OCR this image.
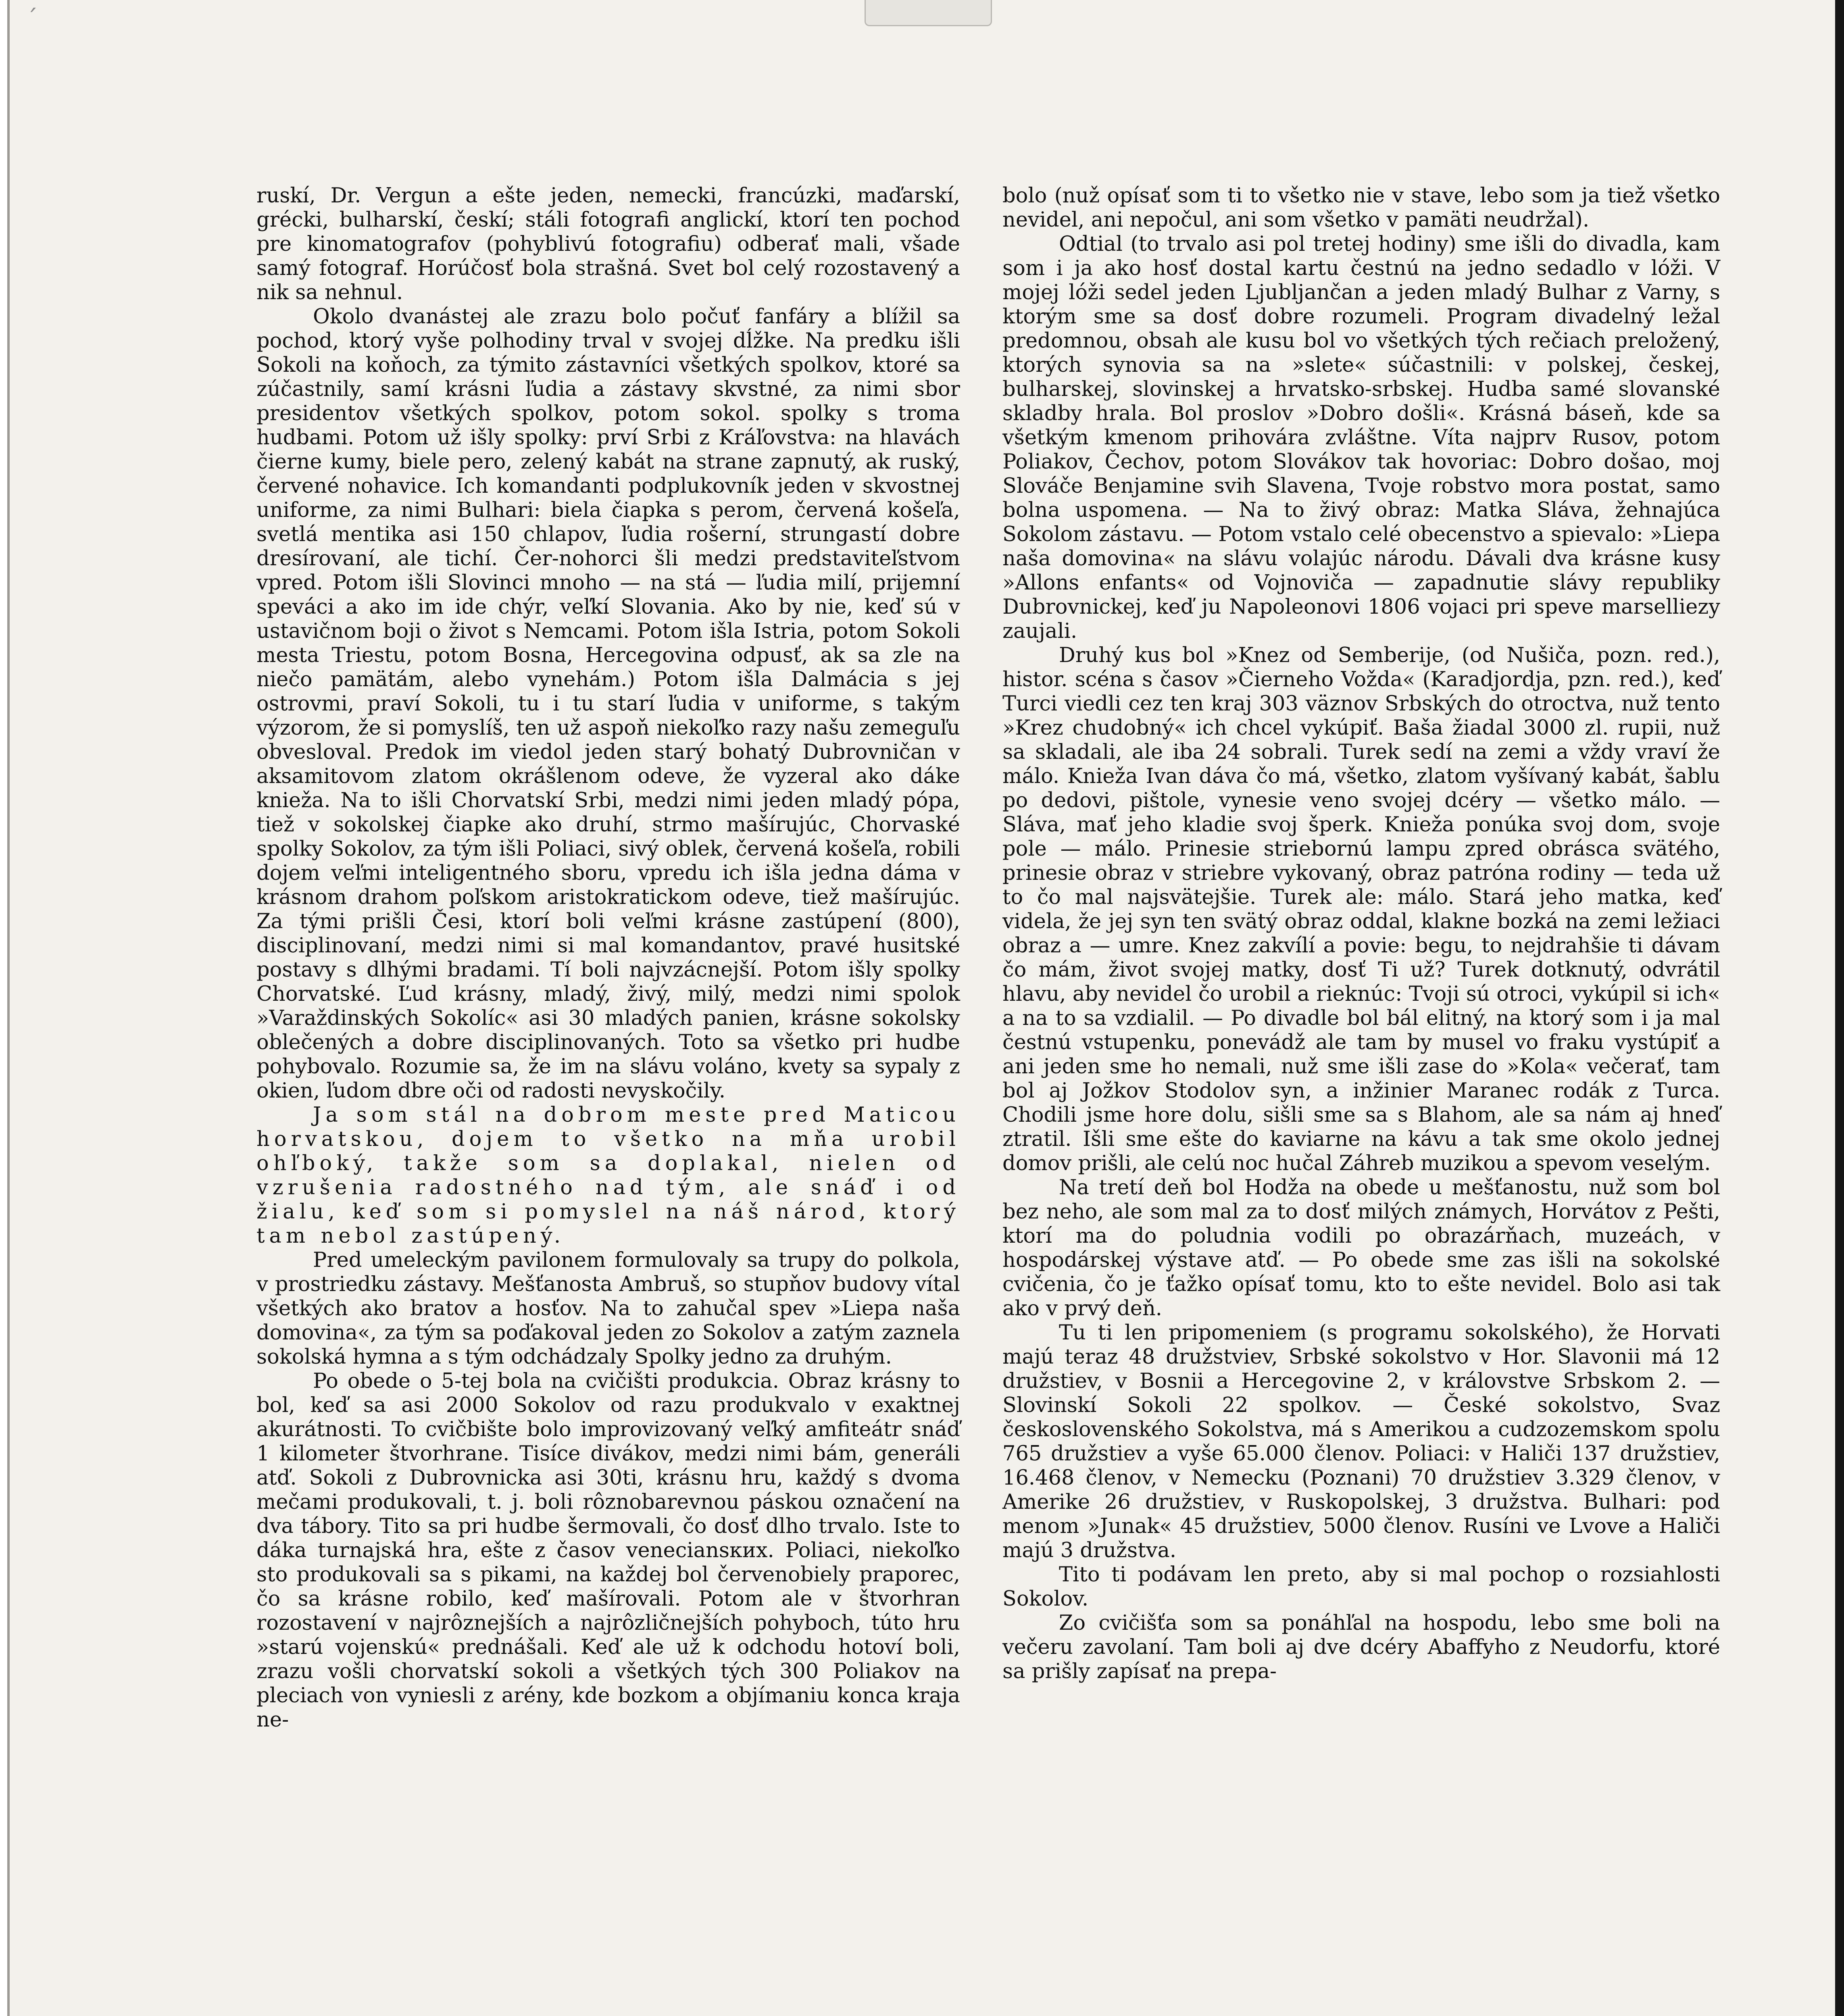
´

ruskí, Dr. Vergun a ešte jeden, nemecki, francúzki, maďarskí, grécki, bulharskí, českí; stáli fotografi anglickí, ktorí ten pochod pre kinomatografov (pohyblivú fotografiu) odberať mali, všade samý fotograf. Horúčosť bola strašná. Svet bol celý rozostavený a nik sa nehnul.

Okolo dvanástej ale zrazu bolo počuť fanfáry a blížil sa pochod, ktorý vyše polhodiny trval v svojej dĺžke. Na predku išli Sokoli na koňoch, za týmito zástavníci všetkých spolkov, ktoré sa zúčastnily, samí krásni ľudia a zástavy skvstné, za nimi sbor presidentov všetkých spolkov, potom sokol. spolky s troma hudbami. Potom už išly spolky: prví Srbi z Kráľovstva: na hlavách čierne kumy, biele pero, zelený kabát na strane zapnutý, ak ruský, červené nohavice. Ich komandanti podplukovník jeden v skvostnej uniforme, za nimi Bulhari: biela čiapka s perom, červená košeľa, svetlá mentika asi 150 chlapov, ľudia rošerní, strungastí dobre dresírovaní, ale tichí. Čer-nohorci šli medzi predstaviteľstvom vpred. Potom išli Slovinci mnoho — na stá — ľudia milí, prijemní speváci a ako im ide chýr, veľkí Slovania. Ako by nie, keď sú v ustavičnom boji o život s Nemcami. Potom išla Istria, potom Sokoli mesta Triestu, potom Bosna, Hercegovina odpusť, ak sa zle na niečo pamätám, alebo vynehám.) Potom išla Dalmácia s jej ostrovmi, praví Sokoli, tu i tu starí ľudia v uniforme, s takým výzorom, že si pomyslíš, ten už aspoň niekoľko razy našu zemeguľu obvesloval. Predok im viedol jeden starý bohatý Dubrovničan v aksamitovom zlatom okrášlenom odeve, že vyzeral ako dáke knieža. Na to išli Chorvatskí Srbi, medzi nimi jeden mladý pópa, tiež v sokolskej čiapke ako druhí, strmo mašírujúc, Chorvaské spolky Sokolov, za tým išli Poliaci, sivý oblek, červená košeľa, robili dojem veľmi inteligentného sboru, vpredu ich išla jedna dáma v krásnom drahom poľskom aristokratickom odeve, tiež mašírujúc. Za tými prišli Česi, ktorí boli veľmi krásne zastúpení (800), disciplinovaní, medzi nimi si mal komandantov, pravé husitské postavy s dlhými bradami. Tí boli najvzácnejší. Potom išly spolky Chorvatské. Ľud krásny, mladý, živý, milý, medzi nimi spolok »Varaždinských Sokolíc« asi 30 mladých panien, krásne sokolsky oblečených a dobre disciplinovaných. Toto sa všetko pri hudbe pohybovalo. Rozumie sa, že im na slávu voláno, kvety sa sypaly z okien, ľudom dbre oči od radosti nevyskočily.

Ja som stál na dobrom meste pred Maticou horvatskou, dojem to všetko na mňa urobil ohľboký, takže som sa doplakal, nielen od vzrušenia radostného nad tým, ale snáď i od žialu, keď som si pomyslel na náš národ, ktorý tam nebol zastúpený.

Pred umeleckým pavilonem formulovaly sa trupy do polkola, v prostriedku zástavy. Mešťanosta Ambruš, so stupňov budovy vítal všetkých ako bratov a hosťov. Na to zahučal spev »Liepa naša domovina«, za tým sa poďakoval jeden zo Sokolov a zatým zaznela sokolská hymna a s tým odchádzaly Spolky jedno za druhým.

Po obede o 5-tej bola na cvičišti produkcia. Obraz krásny to bol, keď sa asi 2000 Sokolov od razu produkvalo v exaktnej akurátnosti. To cvičbište bolo improvizovaný veľký amfiteátr snáď 1 kilometer štvorhrane. Tisíce divákov, medzi nimi bám, generáli atď. Sokoli z Dubrovnicka asi 30ti, krásnu hru, každý s dvoma mečami produkovali, t. j. boli rôznobarevnou páskou označení na dva tábory. Tito sa pri hudbe šermovali, čo dosť dlho trvalo. Iste to dáka turnajská hra, ešte z časov veneciansких. Poliaci, niekoľko sto produkovali sa s pikami, na každej bol červenobiely praporec, čo sa krásne robilo, keď mašírovali. Potom ale v štvorhran rozostavení v najrôznejších a najrôzličnejších pohyboch, túto hru »starú vojenskú« prednášali. Keď ale už k odchodu hotoví boli, zrazu vošli chorvatskí sokoli a všetkých tých 300 Poliakov na pleciach von vyniesli z arény, kde bozkom a objímaniu konca kraja ne-

bolo (nuž opísať som ti to všetko nie v stave, lebo som ja tiež všetko nevidel, ani nepočul, ani som všetko v pamäti neudržal).

Odtial (to trvalo asi pol tretej hodiny) sme išli do divadla, kam som i ja ako hosť dostal kartu čestnú na jedno sedadlo v lóži. V mojej lóži sedel jeden Ljubljančan a jeden mladý Bulhar z Varny, s ktorým sme sa dosť dobre rozumeli. Program divadelný ležal predomnou, obsah ale kusu bol vo všetkých tých rečiach preložený, ktorých synovia sa na »slete« súčastnili: v polskej, českej, bulharskej, slovinskej a hrvatsko-srbskej. Hudba samé slovanské skladby hrala. Bol proslov »Dobro došli«. Krásná báseň, kde sa všetkým kmenom prihovára zvláštne. Víta najprv Rusov, potom Poliakov, Čechov, potom Slovákov tak hovoriac: Dobro došao, moj Slováče Benjamine svih Slavena, Tvoje robstvo mora postat, samo bolna uspomena. — Na to živý obraz: Matka Sláva, žehnajúca Sokolom zástavu. — Potom vstalo celé obecenstvo a spievalo: »Liepa naša domovina« na slávu volajúc národu. Dávali dva krásne kusy »Allons enfants« od Vojnoviča — zapadnutie slávy republiky Dubrovnickej, keď ju Napoleonovi 1806 vojaci pri speve marselliezy zaujali.

Druhý kus bol »Knez od Semberije, (od Nušiča, pozn. red.), histor. scéna s časov »Čierneho Vožda« (Karadjordja, pzn. red.), keď Turci viedli cez ten kraj 303 väznov Srbských do otroctva, nuž tento »Krez chudobný« ich chcel vykúpiť. Baša žiadal 3000 zl. rupii, nuž sa skladali, ale iba 24 sobrali. Turek sedí na zemi a vždy vraví že málo. Knieža Ivan dáva čo má, všetko, zlatom vyšívaný kabát, šablu po dedovi, pištole, vynesie veno svojej dcéry — všetko málo. — Sláva, mať jeho kladie svoj šperk. Knieža ponúka svoj dom, svoje pole — málo. Prinesie striebornú lampu zpred obrásca svätého, prinesie obraz v striebre vykovaný, obraz patróna rodiny — teda už to čo mal najsvätejšie. Turek ale: málo. Stará jeho matka, keď videla, že jej syn ten svätý obraz oddal, klakne bozká na zemi ležiaci obraz a — umre. Knez zakvílí a povie: begu, to nejdrahšie ti dávam čo mám, život svojej matky, dosť Ti už? Turek dotknutý, odvrátil hlavu, aby nevidel čo urobil a rieknúc: Tvoji sú otroci, vykúpil si ich« a na to sa vzdialil. — Po divadle bol bál elitný, na ktorý som i ja mal čestnú vstupenku, ponevádž ale tam by musel vo fraku vystúpiť a ani jeden sme ho nemali, nuž sme išli zase do »Kola« večerať, tam bol aj Jožkov Stodolov syn, a inžinier Maranec rodák z Turca. Chodili jsme hore dolu, sišli sme sa s Blahom, ale sa nám aj hneď ztratil. Išli sme ešte do kaviarne na kávu a tak sme okolo jednej domov prišli, ale celú noc hučal Záhreb muzikou a spevom veselým.

Na tretí deň bol Hodža na obede u mešťanostu, nuž som bol bez neho, ale som mal za to dosť milých známych, Horvátov z Pešti, ktorí ma do poludnia vodili po obrazárňach, muzeách, v hospodárskej výstave atď. — Po obede sme zas išli na sokolské cvičenia, čo je ťažko opísať tomu, kto to ešte nevidel. Bolo asi tak ako v prvý deň.

Tu ti len pripomeniem (s programu sokolského), že Horvati majú teraz 48 družstviev, Srbské sokolstvo v Hor. Slavonii má 12 družstiev, v Bosnii a Hercegovine 2, v královstve Srbskom 2. — Slovinskí Sokoli 22 spolkov. — České sokolstvo, Svaz československého Sokolstva, má s Amerikou a cudzozemskom spolu 765 družstiev a vyše 65.000 členov. Poliaci: v Haliči 137 družstiev, 16.468 členov, v Nemecku (Poznani) 70 družstiev 3.329 členov, v Amerike 26 družstiev, v Ruskopolskej, 3 družstva. Bulhari: pod menom »Junak« 45 družstiev, 5000 členov. Rusíni ve Lvove a Haliči majú 3 družstva.

Tito ti podávam len preto, aby si mal pochop o rozsiahlosti Sokolov.

Zo cvičišťa som sa ponáhľal na hospodu, lebo sme boli na večeru zavolaní. Tam boli aj dve dcéry Abaffyho z Neudorfu, ktoré sa prišly zapísať na prepa-
